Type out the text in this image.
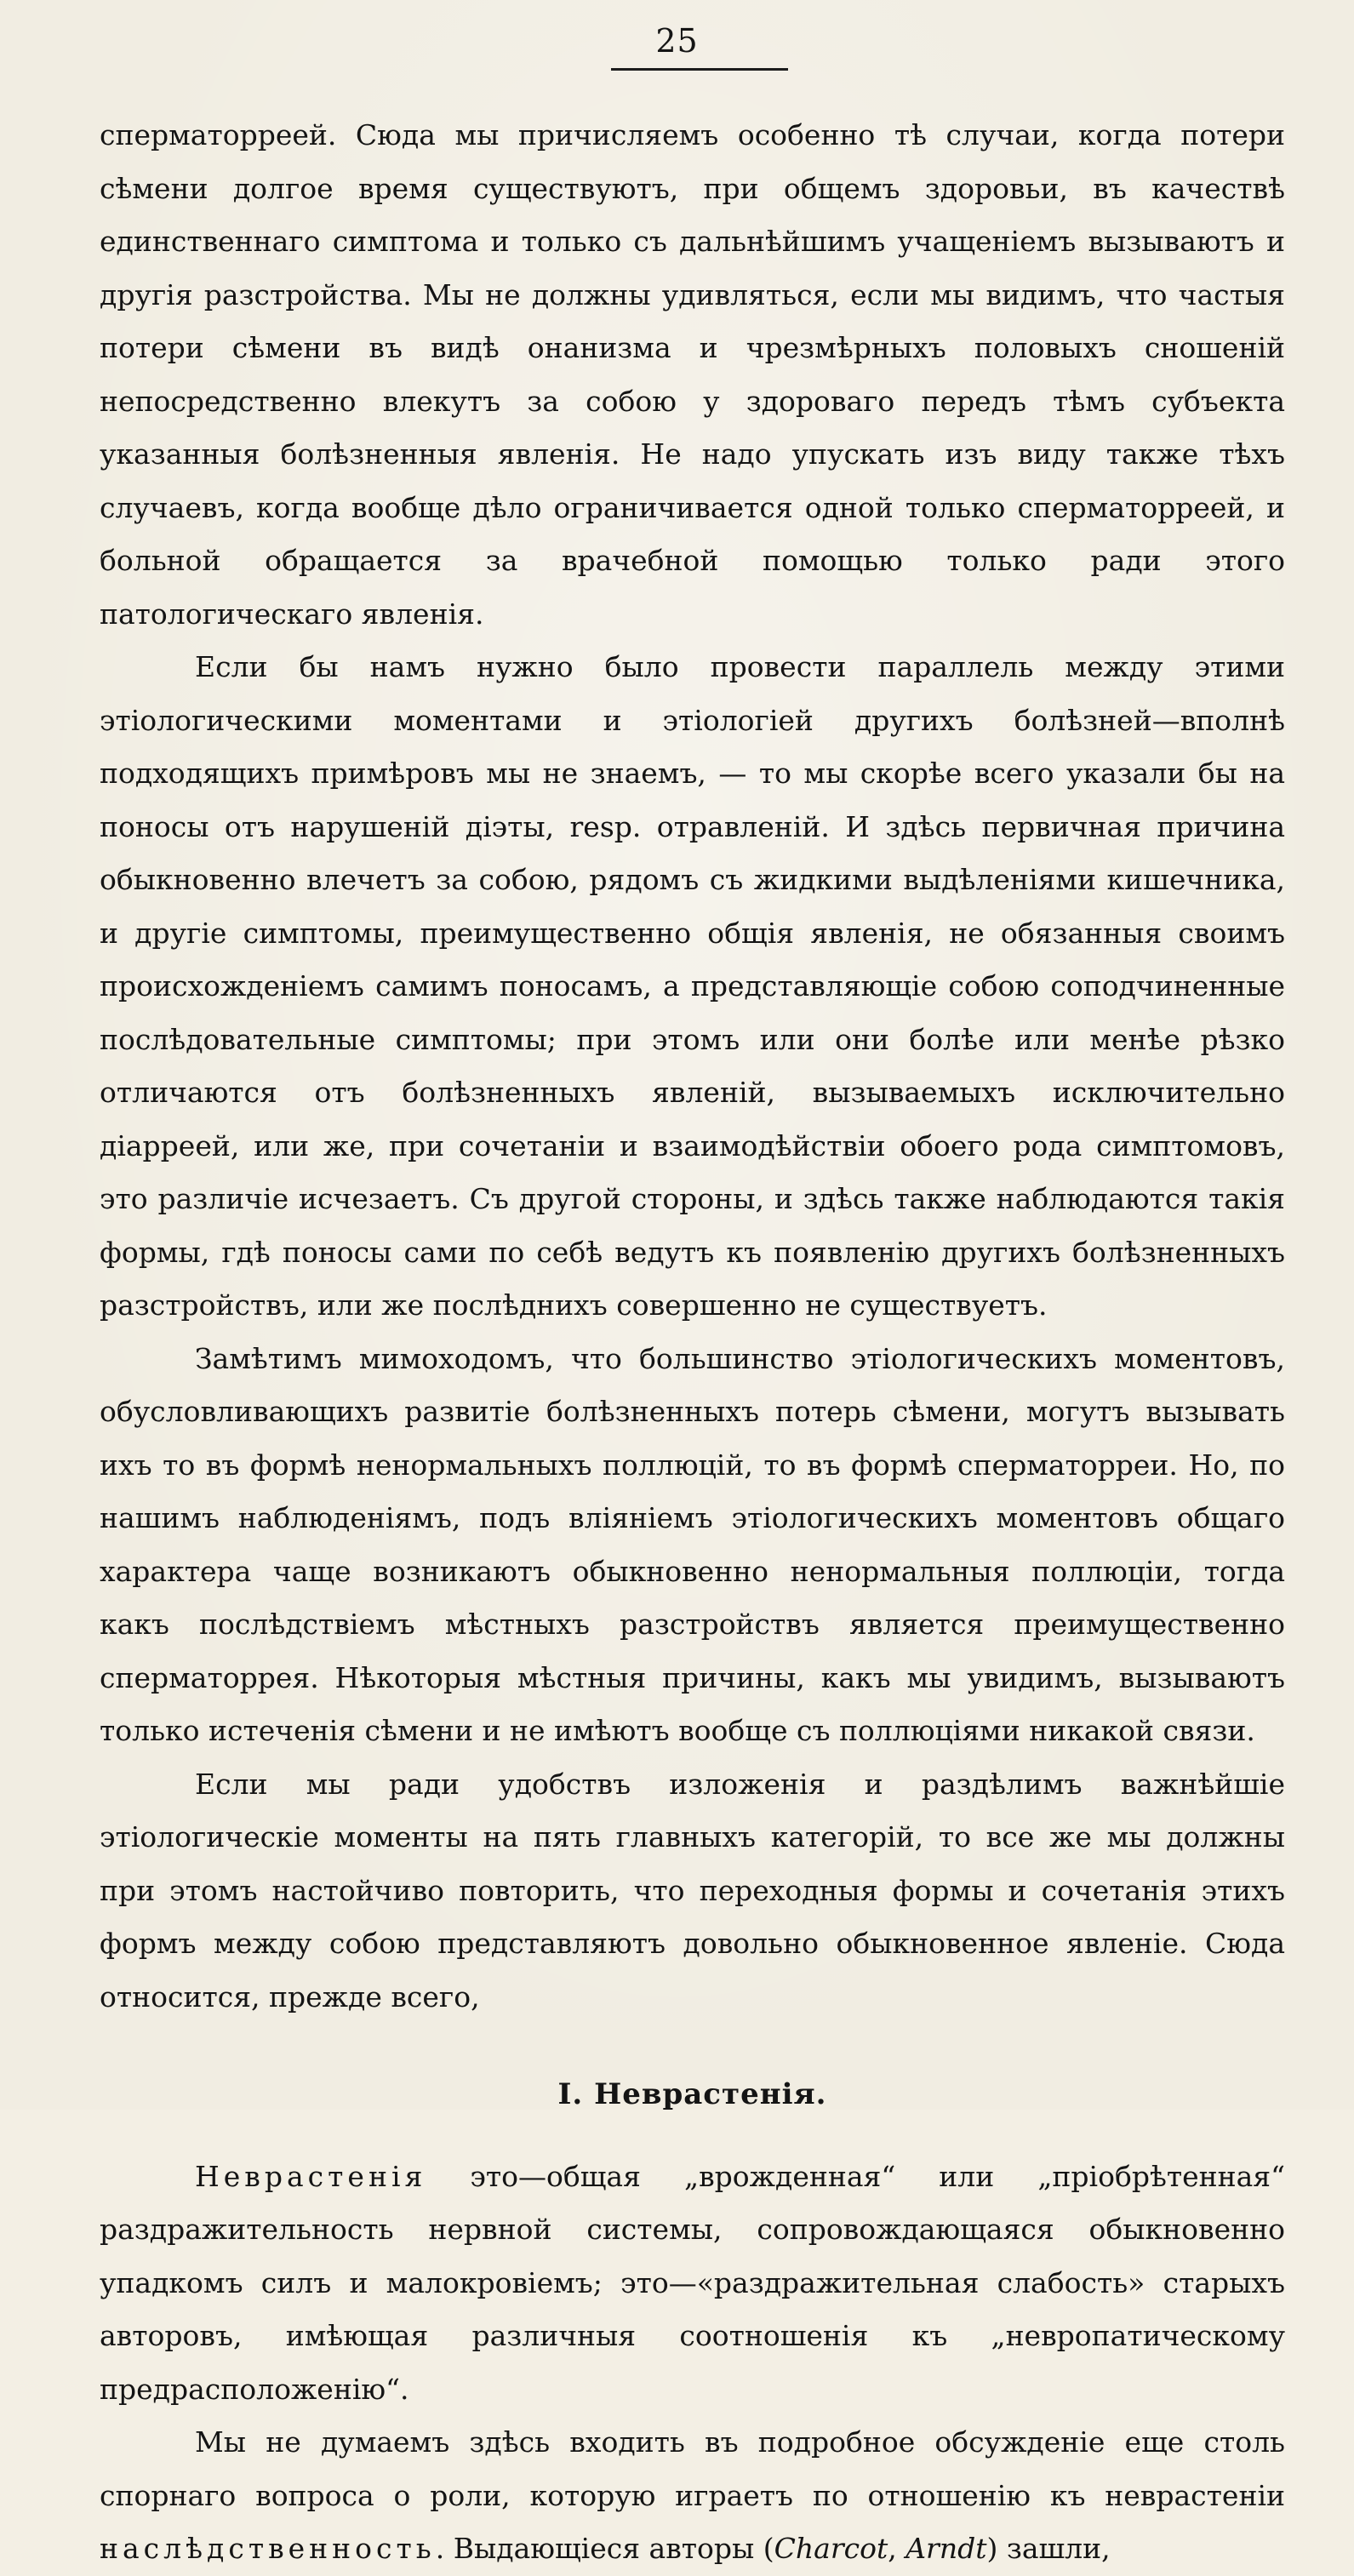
25

сперматорреей. Сюда мы причисляемъ особенно тѣ случаи, когда потери сѣмени долгое время существуютъ, при общемъ здоровьи, въ качествѣ единственнаго симптома и только съ дальнѣйшимъ учащеніемъ вызываютъ и другія разстройства. Мы не должны удивляться, если мы видимъ, что частыя потери сѣмени въ видѣ онанизма и чрезмѣрныхъ половыхъ сношеній непосредственно влекутъ за собою у здороваго передъ тѣмъ субъекта указанныя болѣзненныя явленія. Не надо упускать изъ виду также тѣхъ случаевъ, когда вообще дѣло ограничивается одной только сперматорреей, и больной обращается за врачебной помощью только ради этого патологическаго явленія.

Если бы намъ нужно было провести параллель между этими этіологическими моментами и этіологіей другихъ болѣзней—вполнѣ подходящихъ примѣровъ мы не знаемъ, — то мы скорѣе всего указали бы на поносы отъ нарушеній діэты, resp. отравленій. И здѣсь первичная причина обыкновенно влечетъ за собою, рядомъ съ жидкими выдѣленіями кишечника, и другіе симптомы, преимущественно общія явленія, не обязанныя своимъ происхожденіемъ самимъ поносамъ, а представляющіе собою соподчиненные послѣдовательные симптомы; при этомъ или они болѣе или менѣе рѣзко отличаются отъ болѣзненныхъ явленій, вызываемыхъ исключительно діарреей, или же, при сочетаніи и взаимодѣйствіи обоего рода симптомовъ, это различіе исчезаетъ. Съ другой стороны, и здѣсь также наблюдаются такія формы, гдѣ поносы сами по себѣ ведутъ къ появленію другихъ болѣзненныхъ разстройствъ, или же послѣднихъ совершенно не существуетъ.

Замѣтимъ мимоходомъ, что большинство этіологическихъ моментовъ, обусловливающихъ развитіе болѣзненныхъ потерь сѣмени, могутъ вызывать ихъ то въ формѣ ненормальныхъ поллюцій, то въ формѣ сперматорреи. Но, по нашимъ наблюденіямъ, подъ вліяніемъ этіологическихъ моментовъ общаго характера чаще возникаютъ обыкновенно ненормальныя поллюціи, тогда какъ послѣдствіемъ мѣстныхъ разстройствъ является преимущественно сперматоррея. Нѣкоторыя мѣстныя причины, какъ мы увидимъ, вызываютъ только истеченія сѣмени и не имѣютъ вообще съ поллюціями никакой связи.

Если мы ради удобствъ изложенія и раздѣлимъ важнѣйшіе этіологическіе моменты на пять главныхъ категорій, то все же мы должны при этомъ настойчиво повторить, что переходныя формы и сочетанія этихъ формъ между собою представляютъ довольно обыкновенное явленіе. Сюда относится, прежде всего,

I. Неврастенія.

Неврастенія это—общая „врожденная“ или „пріобрѣтенная“ раздражительность нервной системы, сопровождающаяся обыкновенно упадкомъ силъ и малокровіемъ; это—«раздражительная слабость» старыхъ авторовъ, имѣющая различныя соотношенія къ „невропатическому предрасположенію“.

Мы не думаемъ здѣсь входить въ подробное обсужденіе еще столь спорнаго вопроса о роли, которую играетъ по отношенію къ неврастеніи наслѣдственность. Выдающіеся авторы (Charcot, Arndt) зашли,
